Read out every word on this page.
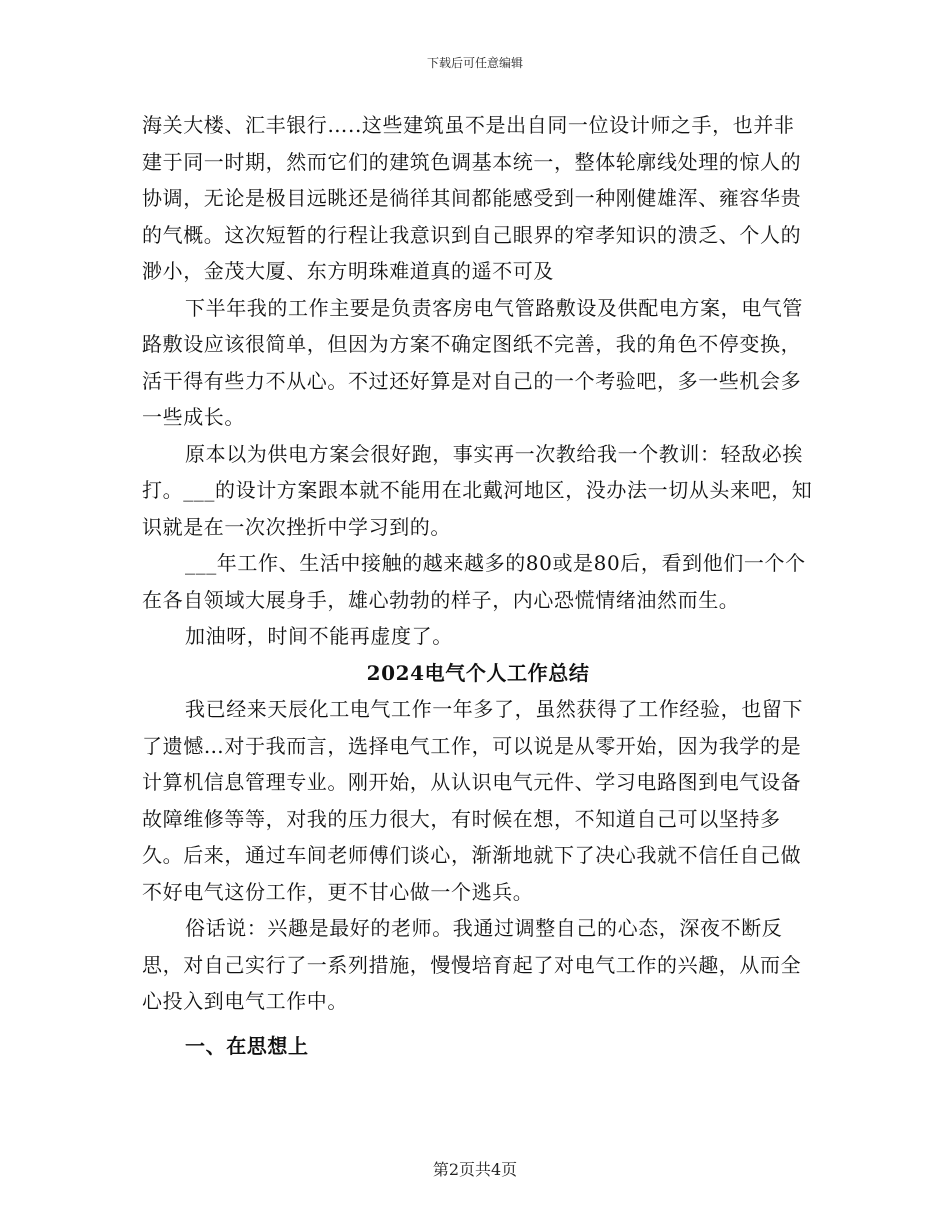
下载后可任意编辑

海关大楼、汇丰银行…..这些建筑虽不是出自同一位设计师之手，也并非建于同一时期，然而它们的建筑色调基本统一，整体轮廓线处理的惊人的协调，无论是极目远眺还是徜徉其间都能感受到一种刚健雄浑、雍容华贵的气概。这次短暂的行程让我意识到自己眼界的窄孝知识的溃乏、个人的渺小，金茂大厦、东方明珠难道真的遥不可及

下半年我的工作主要是负责客房电气管路敷设及供配电方案，电气管路敷设应该很简单，但因为方案不确定图纸不完善，我的角色不停变换，活干得有些力不从心。不过还好算是对自己的一个考验吧，多一些机会多一些成长。

原本以为供电方案会很好跑，事实再一次教给我一个教训：轻敌必挨打。___的设计方案跟本就不能用在北戴河地区，没办法一切从头来吧，知识就是在一次次挫折中学习到的。

___年工作、生活中接触的越来越多的80或是80后，看到他们一个个在各自领域大展身手，雄心勃勃的样子，内心恐慌情绪油然而生。

加油呀，时间不能再虚度了。

2024电气个人工作总结

我已经来天辰化工电气工作一年多了，虽然获得了工作经验，也留下了遗憾…对于我而言，选择电气工作，可以说是从零开始，因为我学的是计算机信息管理专业。刚开始，从认识电气元件、学习电路图到电气设备故障维修等等，对我的压力很大，有时候在想，不知道自己可以坚持多久。后来，通过车间老师傅们谈心，渐渐地就下了决心我就不信任自己做不好电气这份工作，更不甘心做一个逃兵。

俗话说：兴趣是最好的老师。我通过调整自己的心态，深夜不断反思，对自己实行了一系列措施，慢慢培育起了对电气工作的兴趣，从而全心投入到电气工作中。

一、在思想上
第2页共4页
